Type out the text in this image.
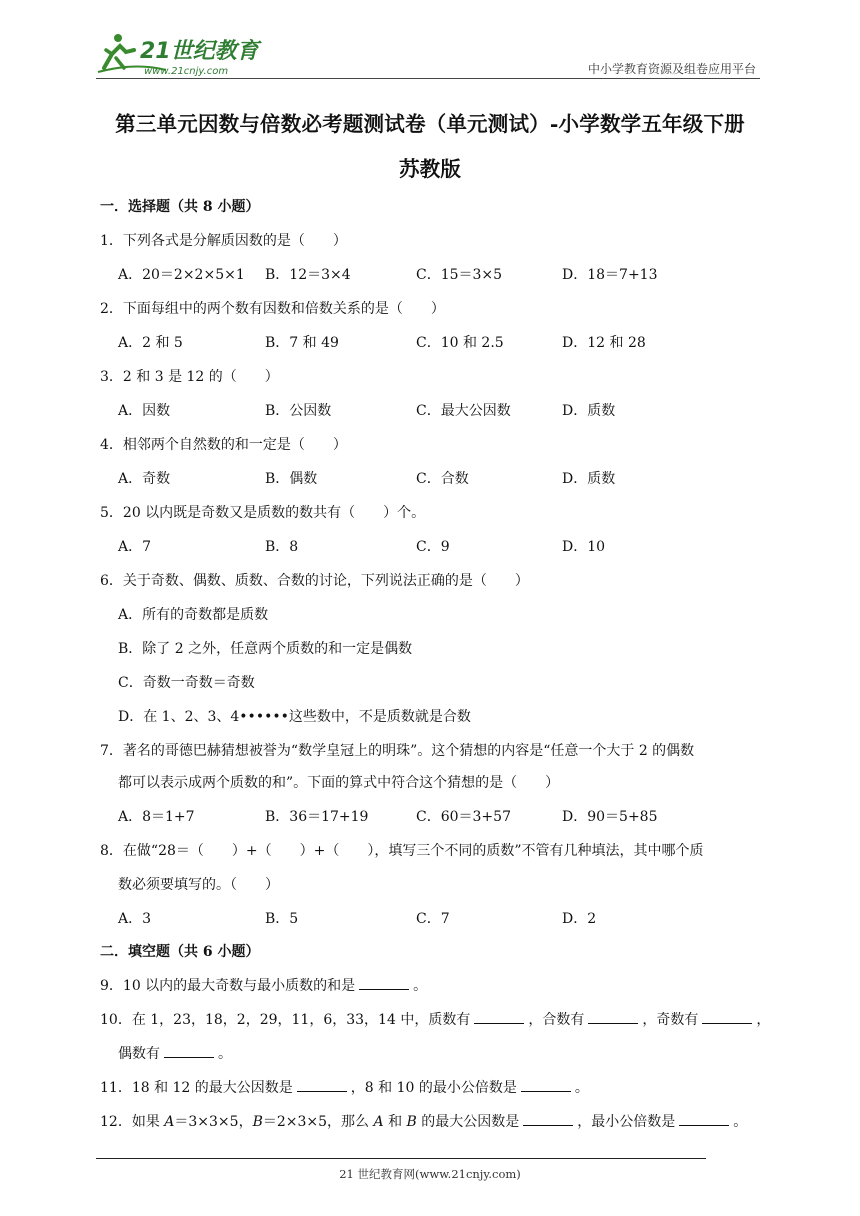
21世纪教育
www.21cnjy.com	中小学教育资源及组卷应用平台
第三单元因数与倍数必考题测试卷（单元测试）-小学数学五年级下册
苏教版
一．选择题（共 8 小题）
1．下列各式是分解质因数的是（　　）
A．20＝2×2×5×1 B．12＝3×4	C．15＝3×5	D．18＝7+13
2．下面每组中的两个数有因数和倍数关系的是（　　）
A．2 和 5	B．7 和 49	C．10 和 2.5	D．12 和 28
3．2 和 3 是 12 的（　　）
A．因数	B．公因数	C．最大公因数	D．质数
4．相邻两个自然数的和一定是（　　）
A．奇数	B．偶数	C．合数	D．质数
5．20 以内既是奇数又是质数的数共有（　　）个。
A．7	B．8	C．9	D．10
6．关于奇数、偶数、质数、合数的讨论，下列说法正确的是（　　）
A．所有的奇数都是质数
B．除了 2 之外，任意两个质数的和一定是偶数
C．奇数一奇数＝奇数
D．在 1、2、3、4••••••这些数中，不是质数就是合数
7．著名的哥德巴赫猜想被誉为“数学皇冠上的明珠”。这个猜想的内容是“任意一个大于 2 的偶数
都可以表示成两个质数的和”。下面的算式中符合这个猜想的是（　　）
A．8＝1+7	B．36＝17+19	C．60＝3+57	D．90＝5+85
8．在做“28＝（　　）+（　　）+（　　），填写三个不同的质数”不管有几种填法，其中哪个质
数必须要填写的。（　　）
A．3	B．5	C．7	D．2
二．填空题（共 6 小题）
9．10 以内的最大奇数与最小质数的和是	。
10．在 1，23，18，2，29，11，6，33，14 中，质数有	，合数有	，奇数有	，
偶数有	。
11．18 和 12 的最大公因数是	，8 和 10 的最小公倍数是	。
12．如果 A＝3×3×5，B＝2×3×5，那么 A 和 B 的最大公因数是	，最小公倍数是	。
21 世纪教育网(www.21cnjy.com)
